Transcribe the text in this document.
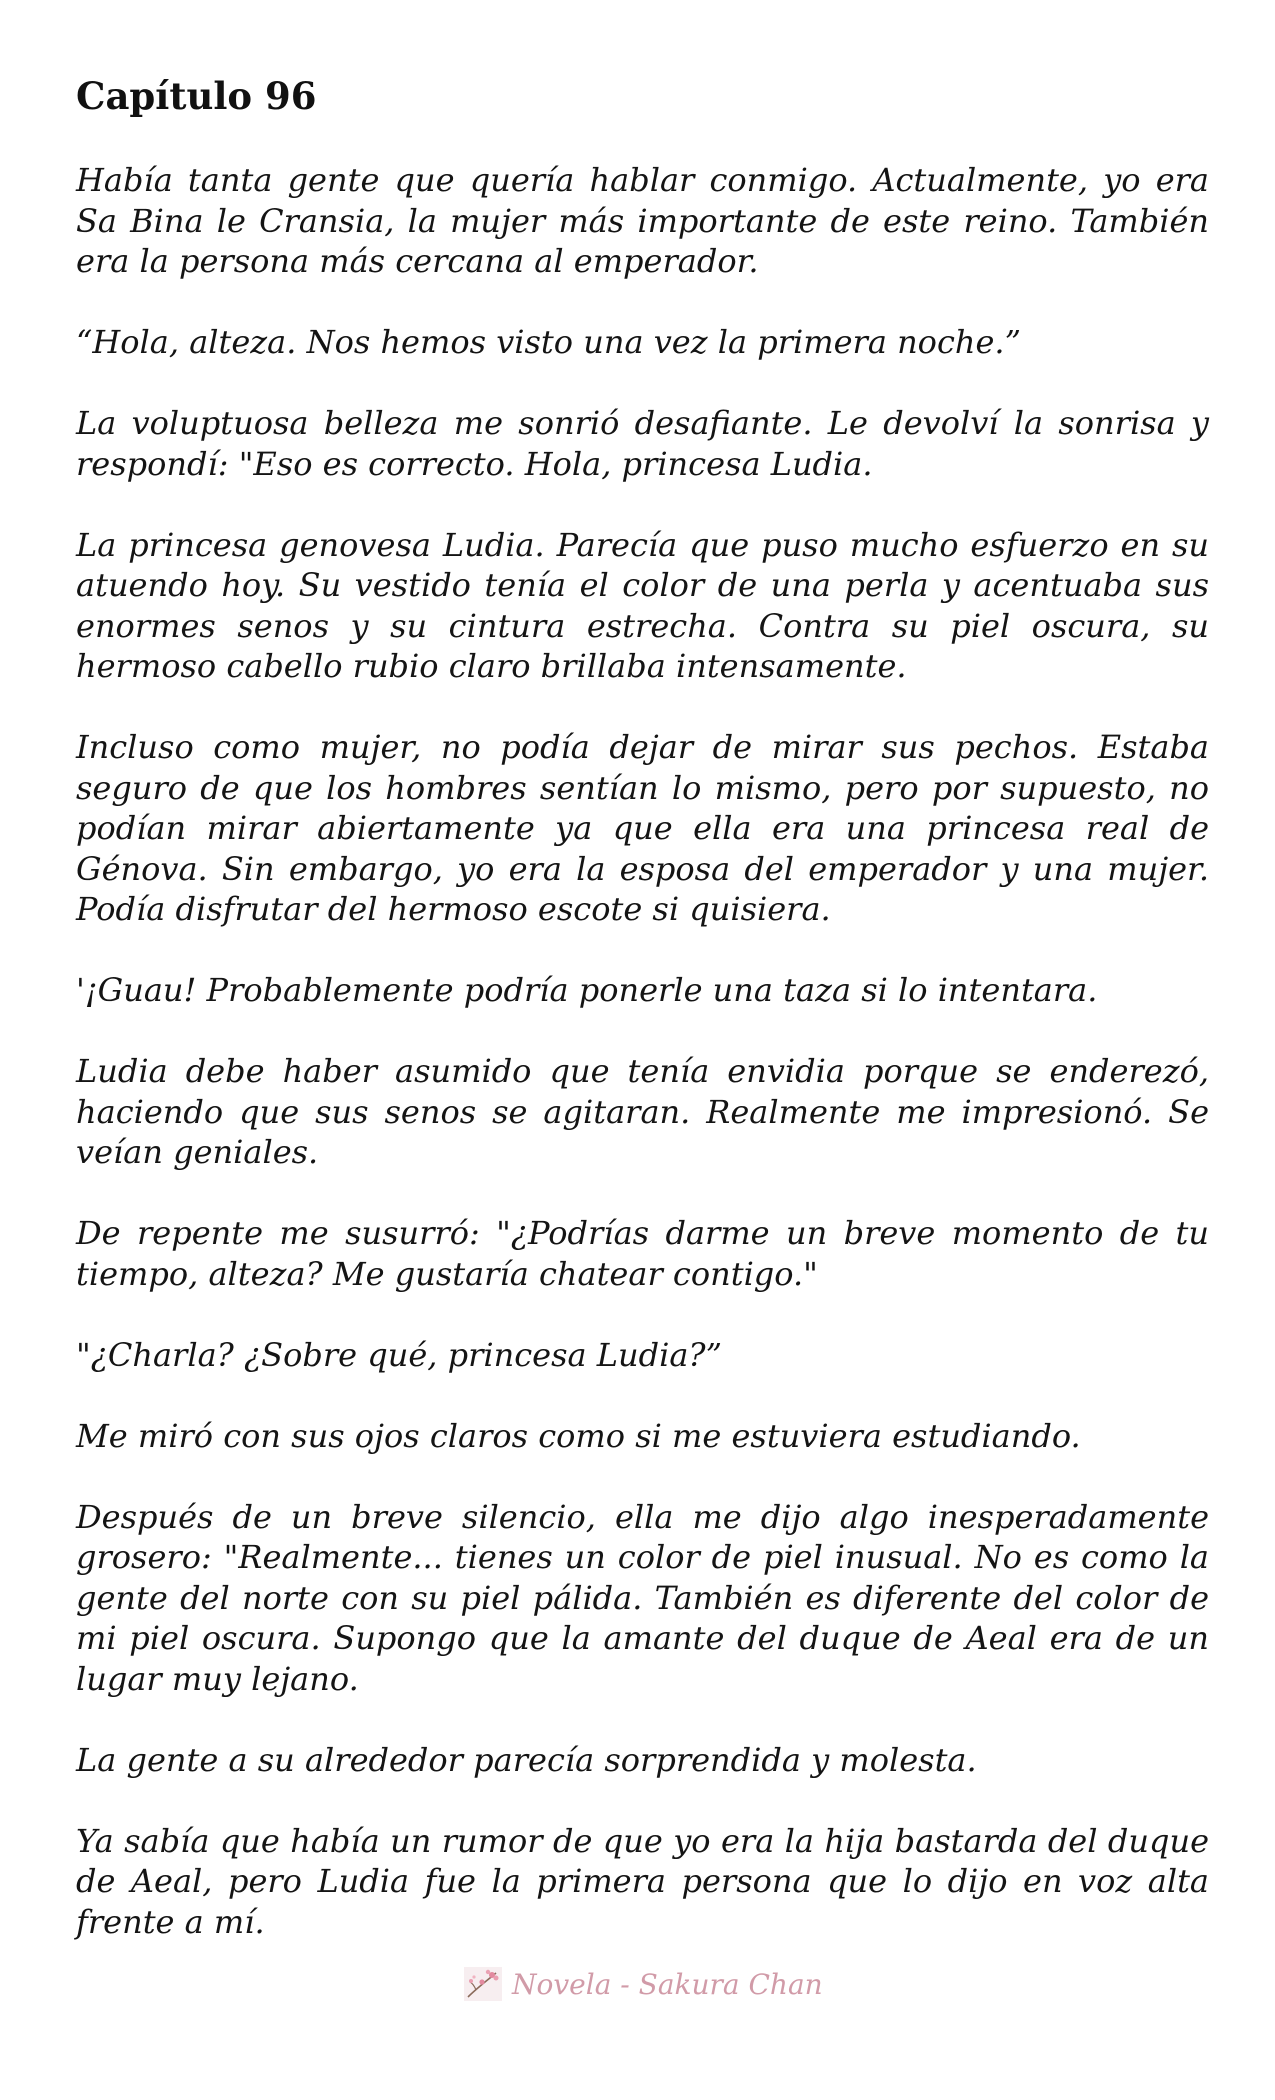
Capítulo 96

Había tanta gente que quería hablar conmigo. Actualmente, yo era Sa Bina le Cransia, la mujer más importante de este reino. También era la persona más cercana al emperador.

“Hola, alteza. Nos hemos visto una vez la primera noche.”

La voluptuosa belleza me sonrió desafiante. Le devolví la sonrisa y respondí: "Eso es correcto. Hola, princesa Ludia.

La princesa genovesa Ludia. Parecía que puso mucho esfuerzo en su atuendo hoy. Su vestido tenía el color de una perla y acentuaba sus enormes senos y su cintura estrecha. Contra su piel oscura, su hermoso cabello rubio claro brillaba intensamente.

Incluso como mujer, no podía dejar de mirar sus pechos. Estaba seguro de que los hombres sentían lo mismo, pero por supuesto, no podían mirar abiertamente ya que ella era una princesa real de Génova. Sin embargo, yo era la esposa del emperador y una mujer. Podía disfrutar del hermoso escote si quisiera.

'¡Guau! Probablemente podría ponerle una taza si lo intentara.

Ludia debe haber asumido que tenía envidia porque se enderezó, haciendo que sus senos se agitaran. Realmente me impresionó. Se veían geniales.

De repente me susurró: "¿Podrías darme un breve momento de tu tiempo, alteza? Me gustaría chatear contigo."

"¿Charla? ¿Sobre qué, princesa Ludia?”

Me miró con sus ojos claros como si me estuviera estudiando.

Después de un breve silencio, ella me dijo algo inesperadamente grosero: "Realmente... tienes un color de piel inusual. No es como la gente del norte con su piel pálida. También es diferente del color de mi piel oscura. Supongo que la amante del duque de Aeal era de un lugar muy lejano.

La gente a su alrededor parecía sorprendida y molesta.

Ya sabía que había un rumor de que yo era la hija bastarda del duque de Aeal, pero Ludia fue la primera persona que lo dijo en voz alta frente a mí.

Novela - Sakura Chan
